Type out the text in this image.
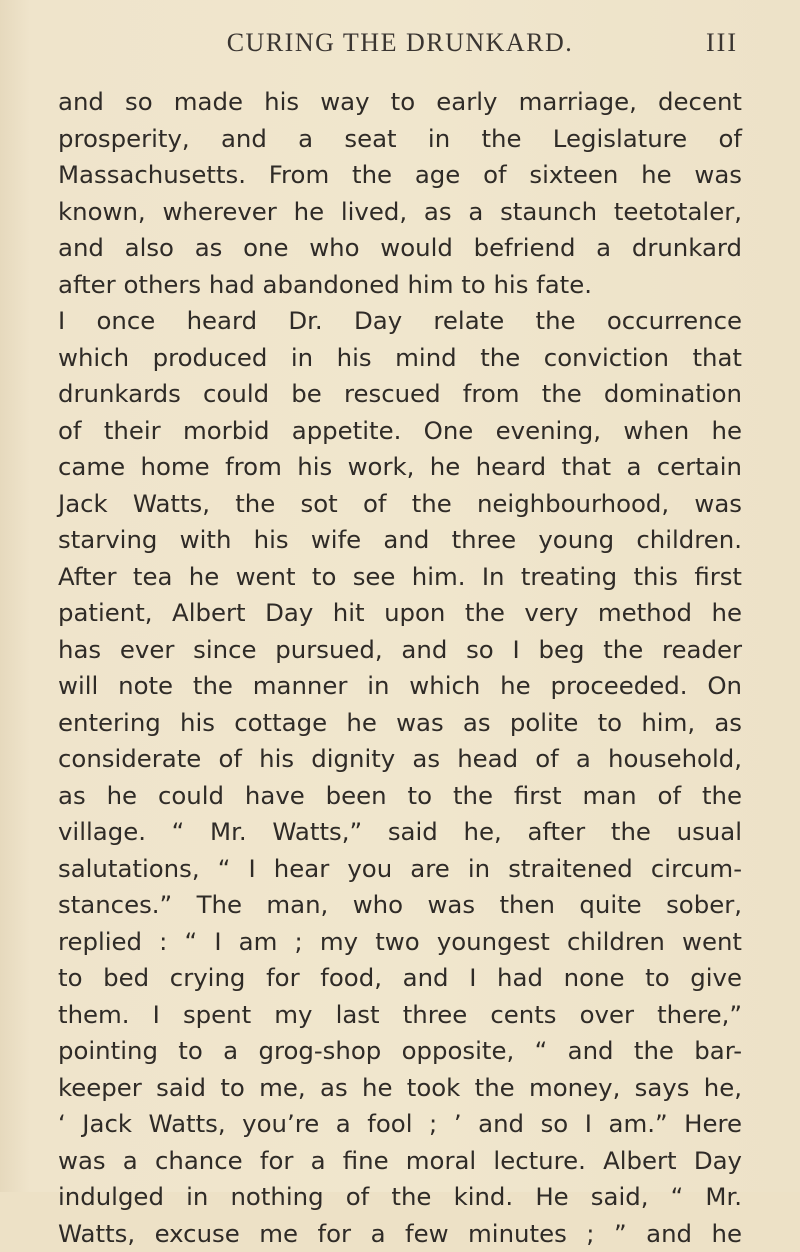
CURING THE DRUNKARD.	III
and so made his way to early marriage, decent
prosperity, and a seat in the Legislature of
Massachusetts. From the age of sixteen he was
known, wherever he lived, as a staunch teetotaler,
and also as one who would befriend a drunkard
after others had abandoned him to his fate.
I once heard Dr. Day relate the occurrence
which produced in his mind the conviction that
drunkards could be rescued from the domination
of their morbid appetite. One evening, when he
came home from his work, he heard that a certain
Jack Watts, the sot of the neighbourhood, was
starving with his wife and three young children.
After tea he went to see him. In treating this first
patient, Albert Day hit upon the very method he
has ever since pursued, and so I beg the reader
will note the manner in which he proceeded. On
entering his cottage he was as polite to him, as
considerate of his dignity as head of a household,
as he could have been to the first man of the
village. “ Mr. Watts,” said he, after the usual
salutations, “ I hear you are in straitened circum-
stances.” The man, who was then quite sober,
replied : “ I am ; my two youngest children went
to bed crying for food, and I had none to give
them. I spent my last three cents over there,”
pointing to a grog-shop opposite, “ and the bar-
keeper said to me, as he took the money, says he,
‘ Jack Watts, you’re a fool ; ’ and so I am.” Here
was a chance for a fine moral lecture. Albert Day
indulged in nothing of the kind. He said, “ Mr.
Watts, excuse me for a few minutes ; ” and he
